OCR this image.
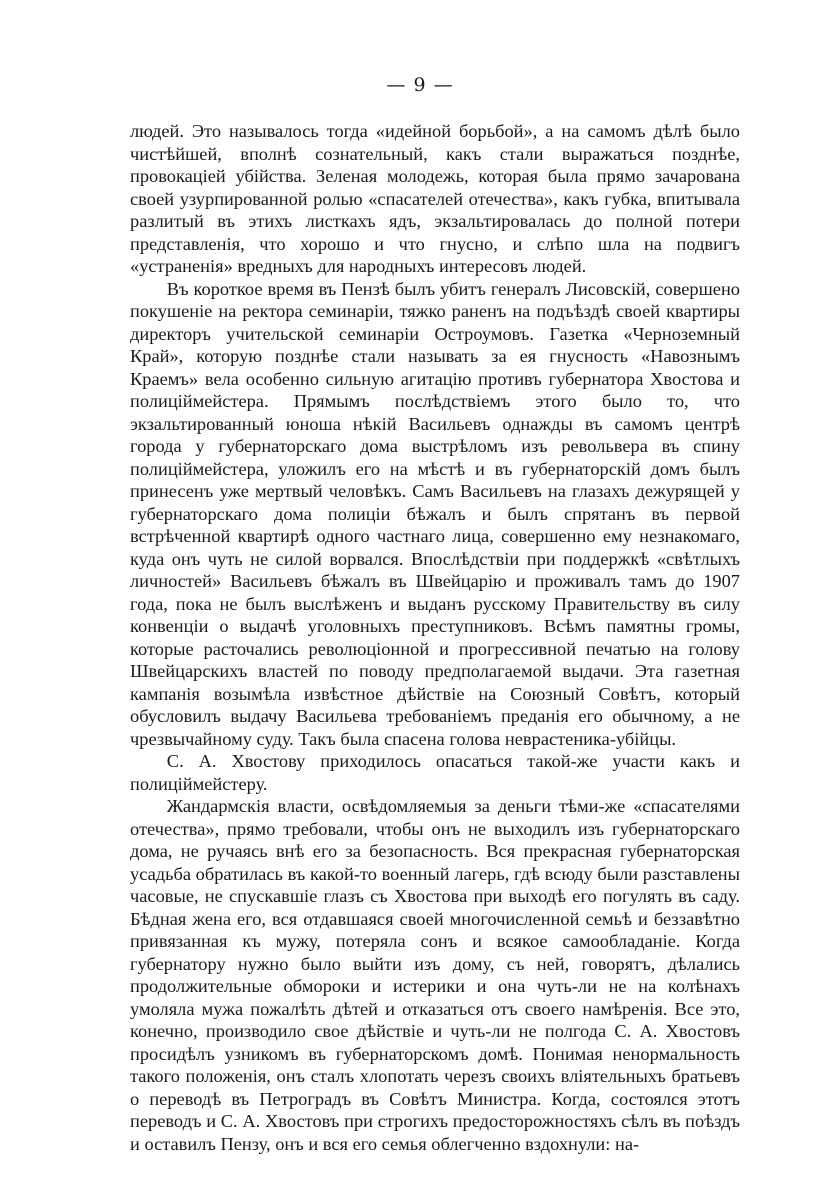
— 9 —

людей. Это называлось тогда «идейной борьбой», а на самомъ дѣлѣ было чистѣйшей, вполнѣ сознательный, какъ стали выражаться позднѣе, провокацiей убiйства. Зеленая молодежь, которая была прямо зачарована своей узурпированной ролью «спасателей отечества», какъ губка, впитывала разлитый въ этихъ листкахъ ядъ, экзальтировалась до полной потери представленiя, что хорошо и что гнусно, и слѣпо шла на подвигъ «устраненiя» вредныхъ для народныхъ интересовъ людей.

Въ короткое время въ Пензѣ былъ убитъ генералъ Лисовскiй, совершено покушенiе на ректора семинарiи, тяжко раненъ на подъѣздѣ своей квартиры директоръ учительской семинарiи Остроумовъ. Газетка «Черноземный Край», которую позднѣе стали называть за ея гнусность «Навознымъ Краемъ» вела особенно сильную агитацiю противъ губернатора Хвостова и полицiймейстера. Прямымъ послѣдствiемъ этого было то, что экзальтированный юноша нѣкiй Васильевъ однажды въ самомъ центрѣ города у губернаторскаго дома выстрѣломъ изъ револьвера въ спину полицiймейстера, уложилъ его на мѣстѣ и въ губернаторскiй домъ былъ принесенъ уже мертвый человѣкъ. Самъ Васильевъ на глазахъ дежурящей у губернаторскаго дома полицiи бѣжалъ и былъ спрятанъ въ первой встрѣченной квартирѣ одного частнаго лица, совершенно ему незнакомаго, куда онъ чуть не силой ворвался. Впослѣдствiи при поддержкѣ «свѣтлыхъ личностей» Васильевъ бѣжалъ въ Швейцарiю и проживалъ тамъ до 1907 года, пока не былъ выслѣженъ и выданъ русскому Правительству въ силу конвенцiи о выдачѣ уголовныхъ преступниковъ. Всѣмъ памятны громы, которые расточались революцiонной и прогрессивной печатью на голову Швейцарскихъ властей по поводу предполагаемой выдачи. Эта газетная кампанiя возымѣла извѣстное дѣйствiе на Союзный Совѣтъ, который обусловилъ выдачу Васильева требованiемъ преданiя его обычному, а не чрезвычайному суду. Такъ была спасена голова неврастеника-убiйцы.

С. А. Хвостову приходилось опасаться такой-же участи какъ и полицiймейстеру.

Жандармскiя власти, освѣдомляемыя за деньги тѣми-же «спасателями отечества», прямо требовали, чтобы онъ не выходилъ изъ губернаторскаго дома, не ручаясь внѣ его за безопасность. Вся прекрасная губернаторская усадьба обратилась въ какой-то военный лагерь, гдѣ всюду были разставлены часовые, не спускавшiе глазъ съ Хвостова при выходѣ его погулять въ саду. Бѣдная жена его, вся отдавшаяся своей многочисленной семьѣ и беззавѣтно привязанная къ мужу, потеряла сонъ и всякое самообладанiе. Когда губернатору нужно было выйти изъ дому, съ ней, говорятъ, дѣлались продолжительные обмороки и истерики и она чуть-ли не на колѣнахъ умоляла мужа пожалѣть дѣтей и отказаться отъ своего намѣренiя. Все это, конечно, производило свое дѣйствiе и чуть-ли не полгода С. А. Хвостовъ просидѣлъ узникомъ въ губернаторскомъ домѣ. Понимая ненормальность такого положенiя, онъ сталъ хлопотать черезъ своихъ влiятельныхъ братьевъ о переводѣ въ Петроградъ въ Совѣтъ Министра. Когда, состоялся этотъ переводъ и С. А. Хвостовъ при строгихъ предосторожностяхъ сѣлъ въ поѣздъ и оставилъ Пензу, онъ и вся его семья облегченно вздохнули: на-
